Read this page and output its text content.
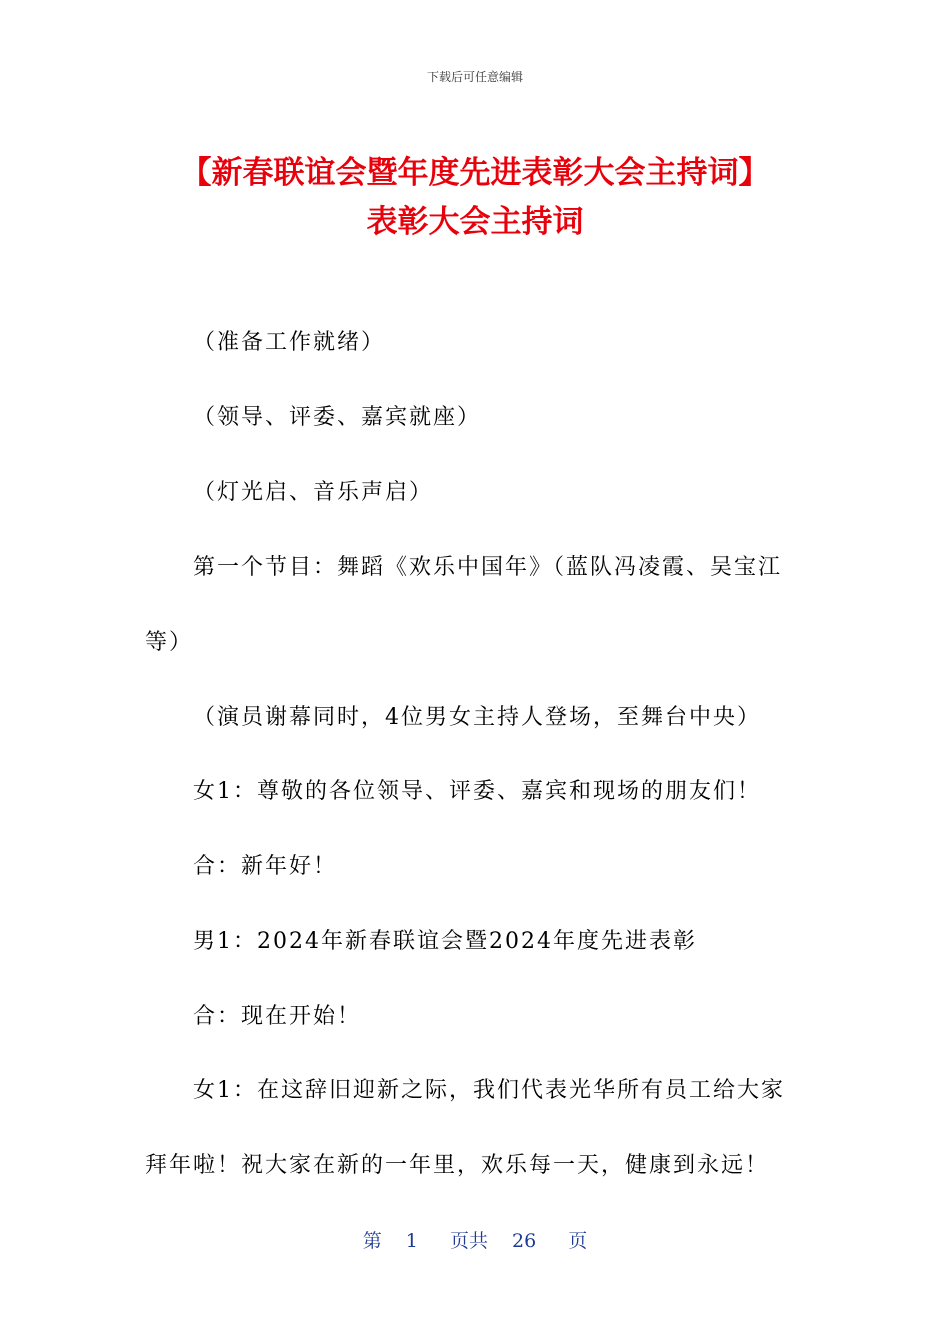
下载后可任意编辑
【新春联谊会暨年度先进表彰大会主持词】
表彰大会主持词
（准备工作就绪）
（领导、评委、嘉宾就座）
（灯光启、音乐声启）
第一个节目：舞蹈《欢乐中国年》（蓝队冯凌霞、吴宝江
等）
（演员谢幕同时，4位男女主持人登场，至舞台中央）
女1：尊敬的各位领导、评委、嘉宾和现场的朋友们！
合：新年好！
男1：2024年新春联谊会暨2024年度先进表彰
合：现在开始！
女1：在这辞旧迎新之际，我们代表光华所有员工给大家
拜年啦！祝大家在新的一年里，欢乐每一天，健康到永远！
第 1 页共 26 页
